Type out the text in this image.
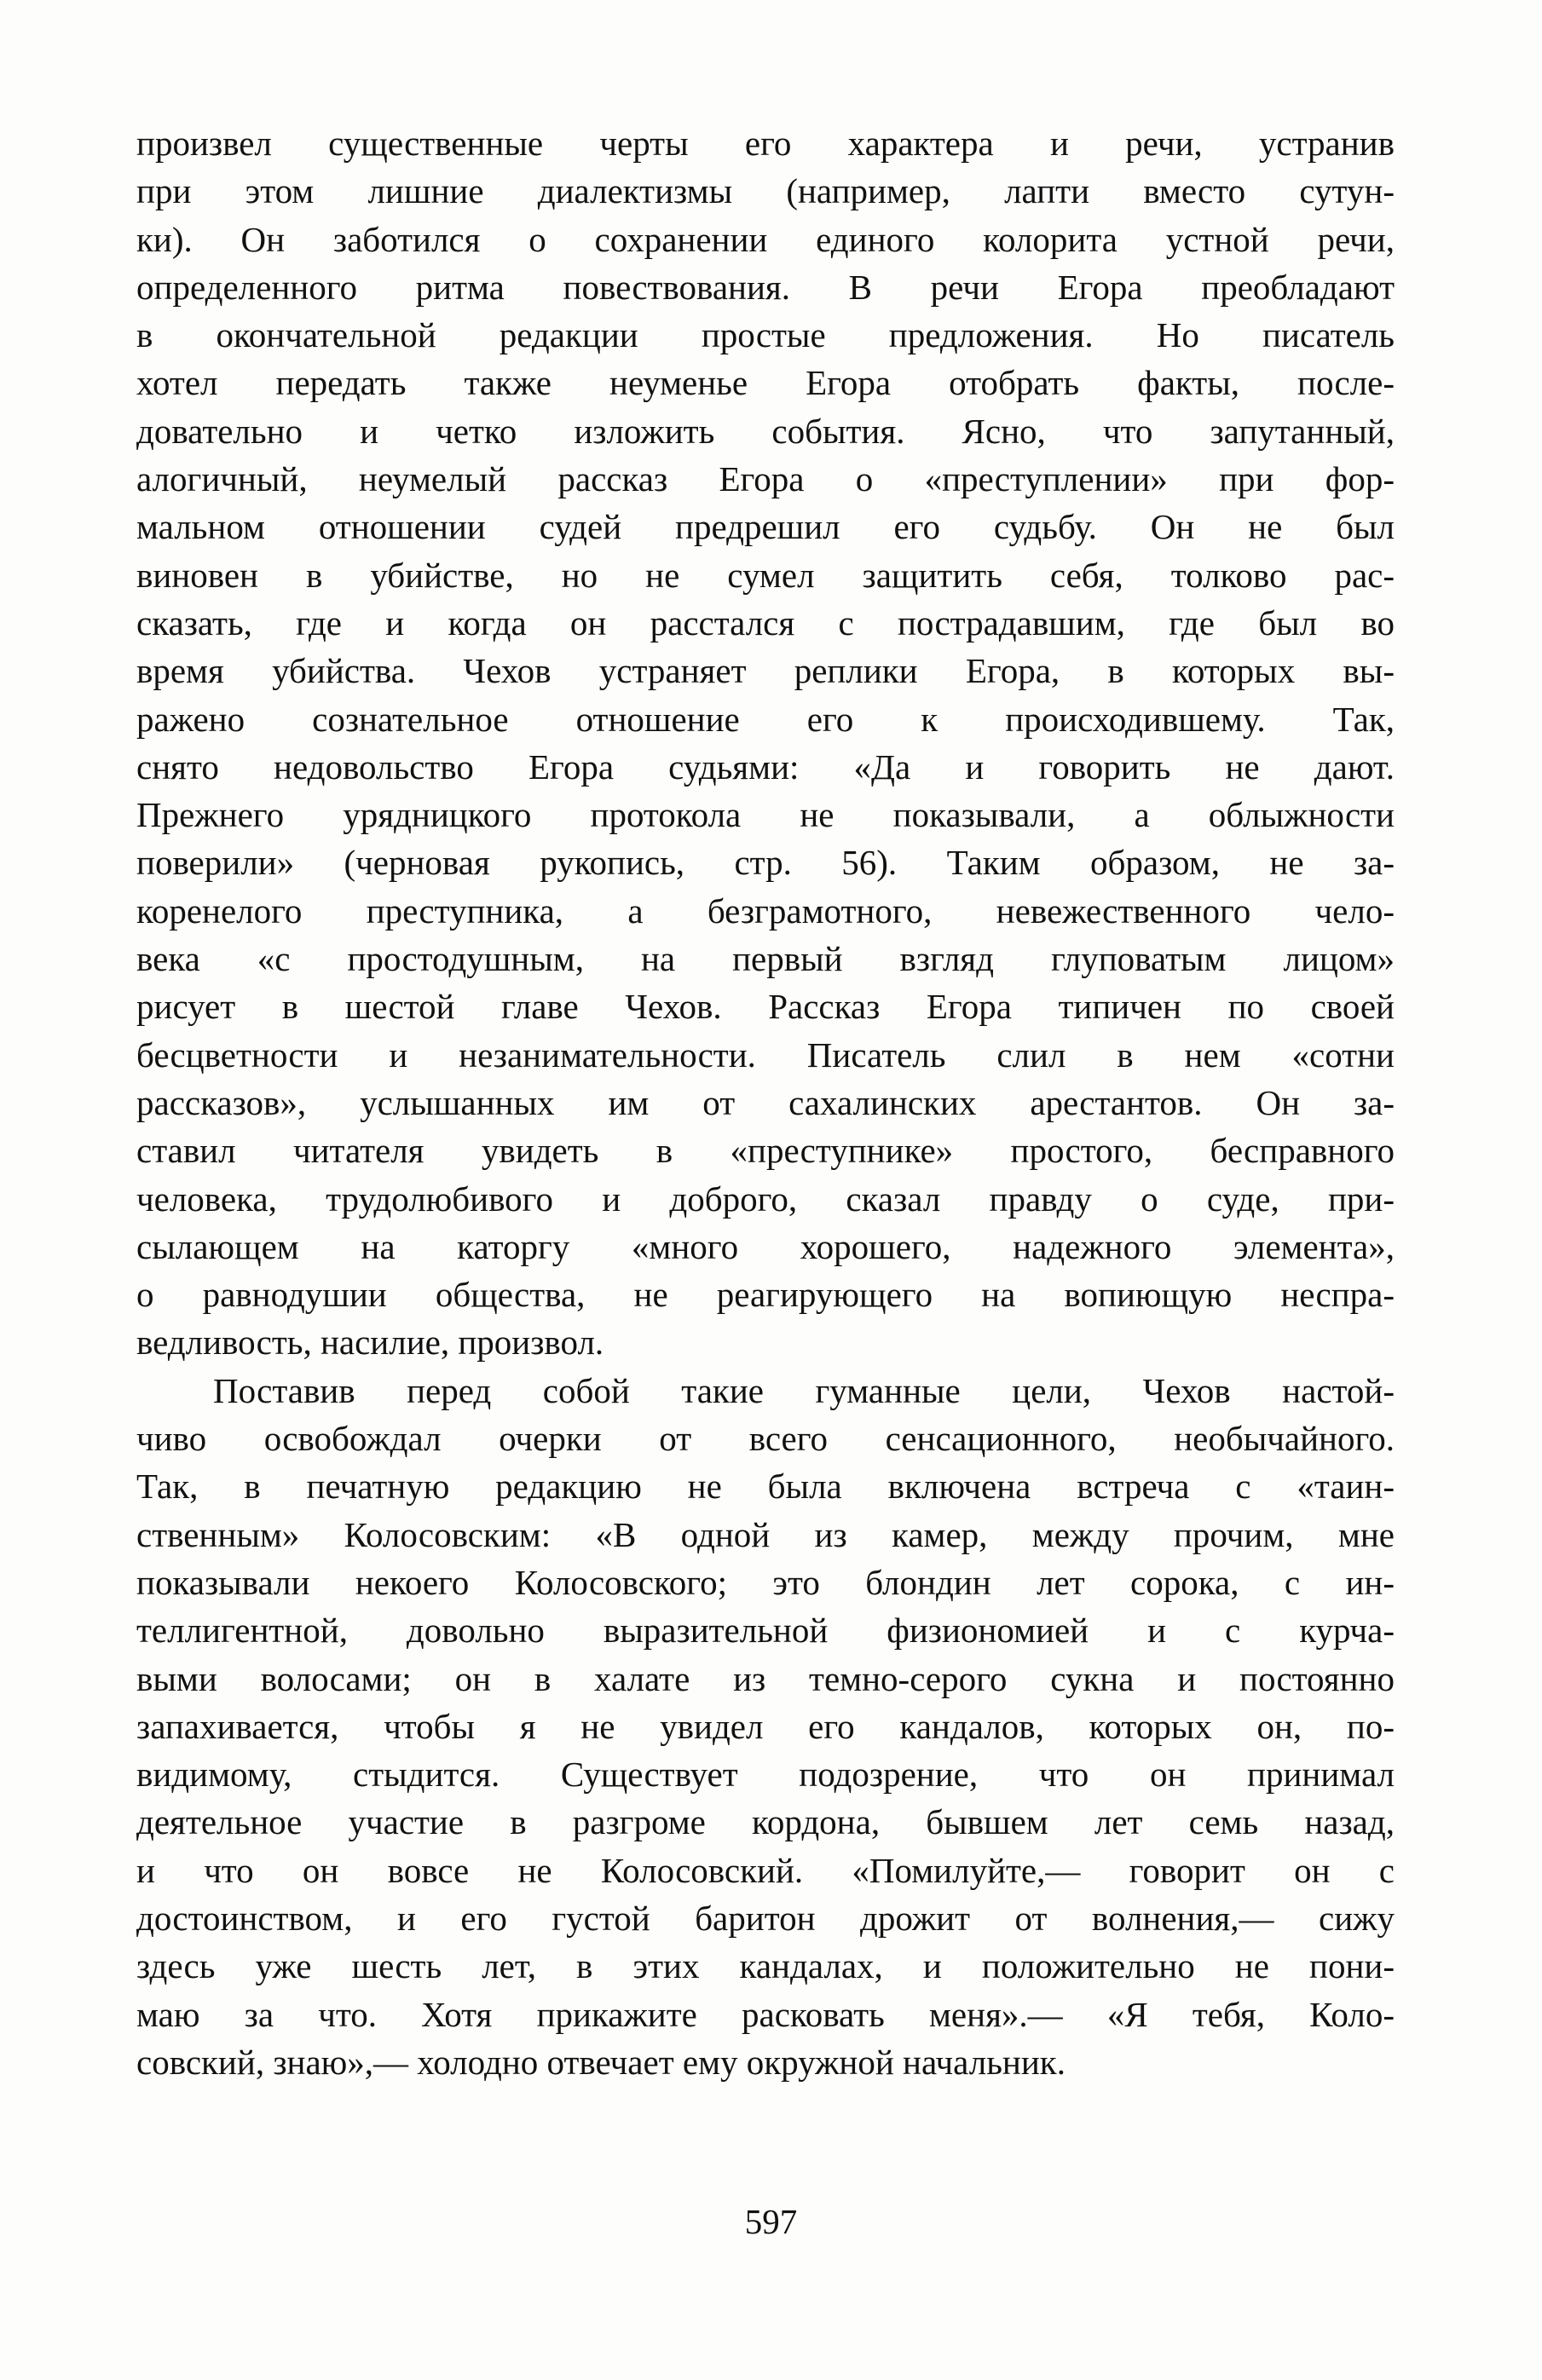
произвел существенные черты его характера и речи, устранив
при этом лишние диалектизмы (например, лапти вместо сутун-
ки). Он заботился о сохранении единого колорита устной речи,
определенного ритма повествования. В речи Егора преобладают
в окончательной редакции простые предложения. Но писатель
хотел передать также неуменье Егора отобрать факты, после-
довательно и четко изложить события. Ясно, что запутанный,
алогичный, неумелый рассказ Егора о «преступлении» при фор-
мальном отношении судей предрешил его судьбу. Он не был
виновен в убийстве, но не сумел защитить себя, толково рас-
сказать, где и когда он расстался с пострадавшим, где был во
время убийства. Чехов устраняет реплики Егора, в которых вы-
ражено сознательное отношение его к происходившему. Так,
снято недовольство Егора судьями: «Да и говорить не дают.
Прежнего урядницкого протокола не показывали, а облыжности
поверили» (черновая рукопись, стр. 56). Таким образом, не за-
коренелого преступника, а безграмотного, невежественного чело-
века «с простодушным, на первый взгляд глуповатым лицом»
рисует в шестой главе Чехов. Рассказ Егора типичен по своей
бесцветности и незанимательности. Писатель слил в нем «сотни
рассказов», услышанных им от сахалинских арестантов. Он за-
ставил читателя увидеть в «преступнике» простого, бесправного
человека, трудолюбивого и доброго, сказал правду о суде, при-
сылающем на каторгу «много хорошего, надежного элемента»,
о равнодушии общества, не реагирующего на вопиющую неспра-
ведливость, насилие, произвол.
Поставив перед собой такие гуманные цели, Чехов настой-
чиво освобождал очерки от всего сенсационного, необычайного.
Так, в печатную редакцию не была включена встреча с «таин-
ственным» Колосовским: «В одной из камер, между прочим, мне
показывали некоего Колосовского; это блондин лет сорока, с ин-
теллигентной, довольно выразительной физиономией и с курча-
выми волосами; он в халате из темно-серого сукна и постоянно
запахивается, чтобы я не увидел его кандалов, которых он, по-
видимому, стыдится. Существует подозрение, что он принимал
деятельное участие в разгроме кордона, бывшем лет семь назад,
и что он вовсе не Колосовский. «Помилуйте,— говорит он с
достоинством, и его густой баритон дрожит от волнения,— сижу
здесь уже шесть лет, в этих кандалах, и положительно не пони-
маю за что. Хотя прикажите расковать меня».— «Я тебя, Коло-
совский, знаю»,— холодно отвечает ему окружной начальник.
597
